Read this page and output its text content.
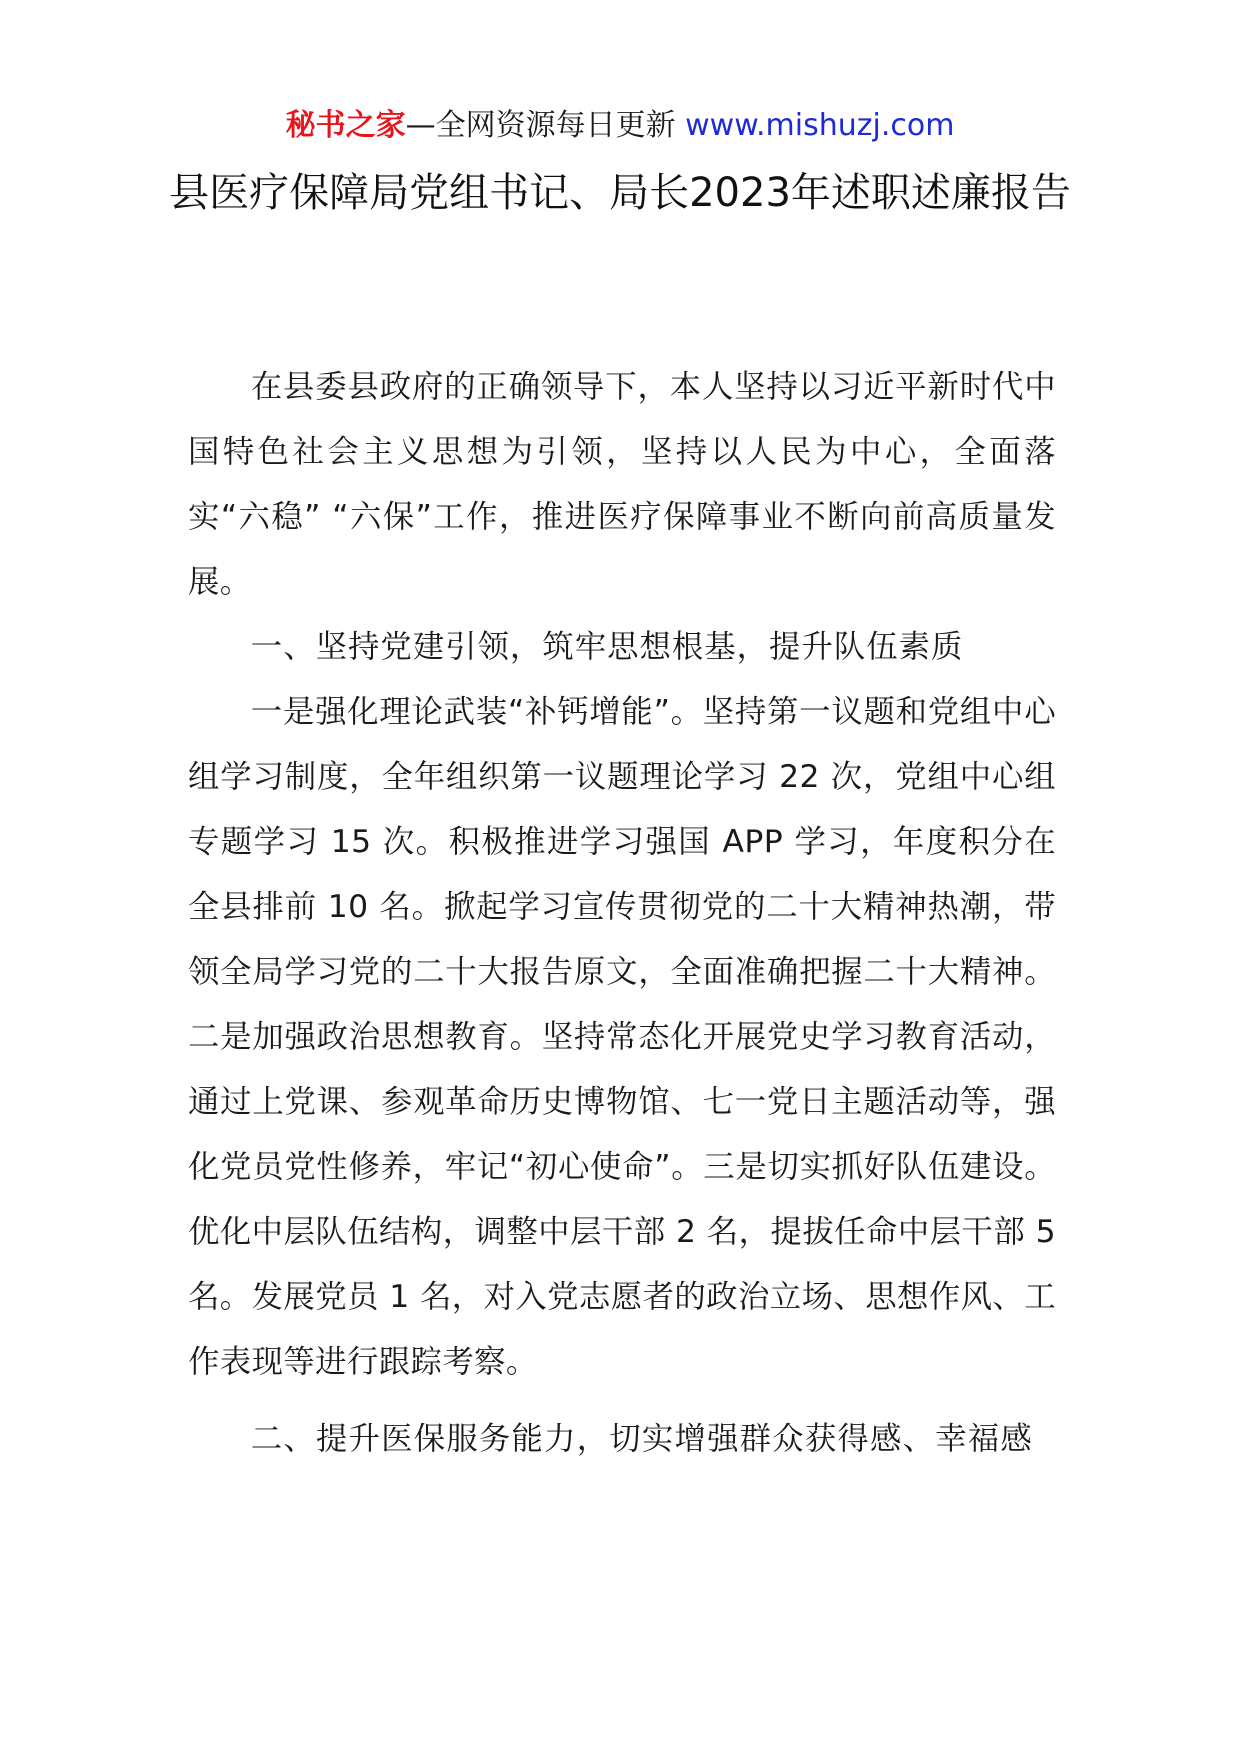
秘书之家—全网资源每日更新 www.mishuzj.com
县医疗保障局党组书记、局长2023年述职述廉报告

在县委县政府的正确领导下，本人坚持以习近平新时代中国特色社会主义思想为引领，坚持以人民为中心，全面落实“六稳” “六保”工作，推进医疗保障事业不断向前高质量发展。

一、坚持党建引领，筑牢思想根基，提升队伍素质

一是强化理论武装“补钙增能”。坚持第一议题和党组中心组学习制度，全年组织第一议题理论学习 22 次，党组中心组专题学习 15 次。积极推进学习强国 APP 学习，年度积分在全县排前 10 名。掀起学习宣传贯彻党的二十大精神热潮，带领全局学习党的二十大报告原文，全面准确把握二十大精神。二是加强政治思想教育。坚持常态化开展党史学习教育活动，通过上党课、参观革命历史博物馆、七一党日主题活动等，强化党员党性修养，牢记“初心使命”。三是切实抓好队伍建设。优化中层队伍结构，调整中层干部 2 名，提拔任命中层干部 5 名。发展党员 1 名，对入党志愿者的政治立场、思想作风、工作表现等进行跟踪考察。

二、提升医保服务能力，切实增强群众获得感、幸福感
